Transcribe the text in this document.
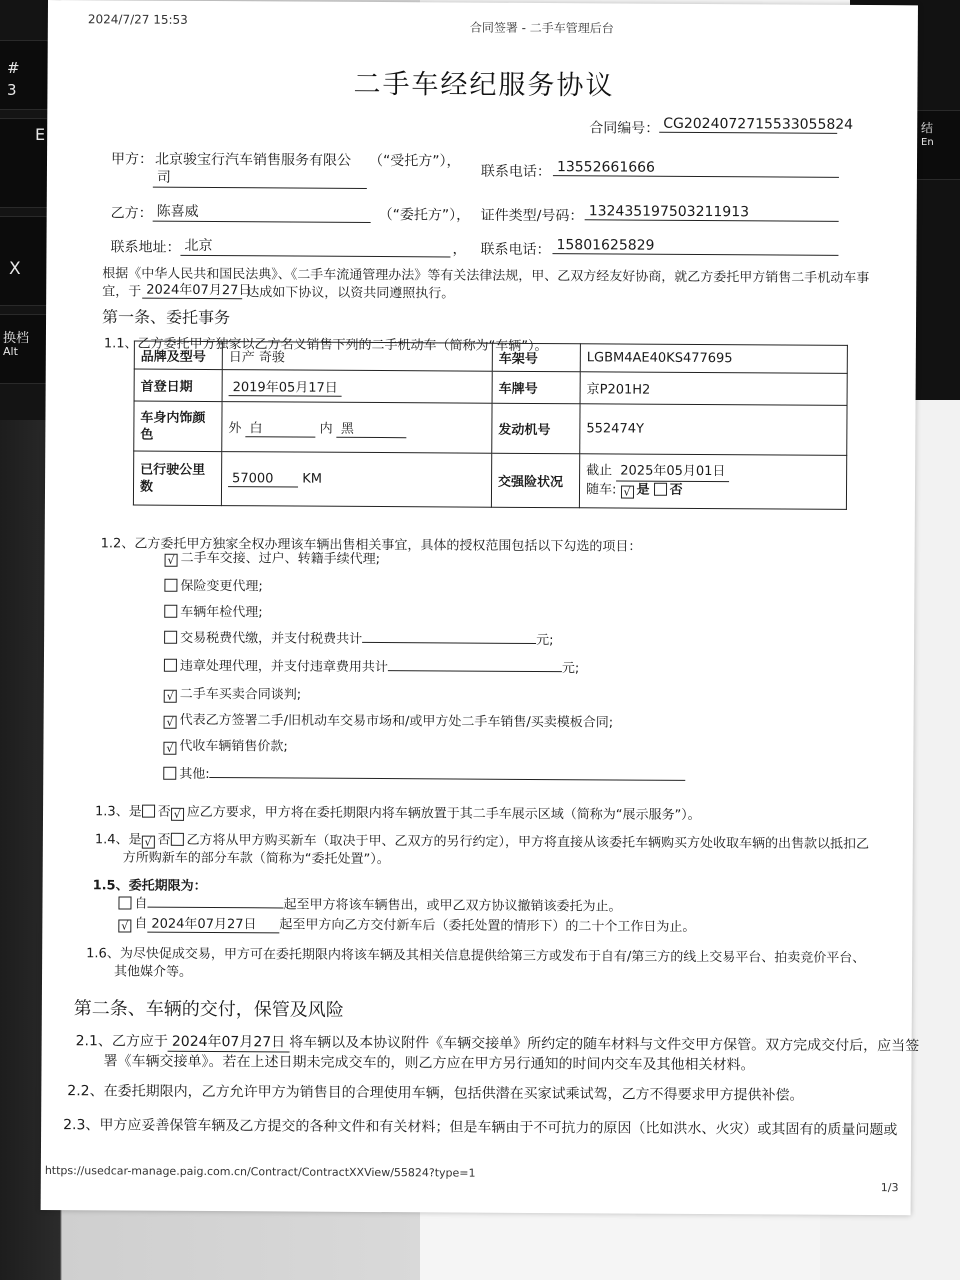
#
3
E
X
换档
Alt
结
En
2024/7/27 15:53
合同签署 - 二手车管理后台
二手车经纪服务协议
合同编号： CG2024072715533055824
甲方： 北京骏宝行汽车销售服务有限公
司
（“受托方”），
联系电话： 13552661666
乙方： 陈喜威	（“委托方”）， 证件类型/号码： 132435197503211913
联系地址： 北京	， 联系电话： 15801625829
根据《中华人民共和国民法典》、《二手车流通管理办法》等有关法律法规，甲、乙双方经友好协商，就乙方委托甲方销售二手机动车事
宜，于 2024年07月27日
达成如下协议，以资共同遵照执行。
第一条、委托事务
1.1、乙方委托甲方独家以乙方名义销售下列的二手机动车（简称为“车辆”）。
品牌及型号	日产 奇骏	车架号	LGBM4AE40KS477695
首登日期	2019年05月17日	车牌号	京P201H2
车身内饰颜
色	外 白 内 黑	发动机号	552474Y
已行驶公里
数	57000 KM	交强险状况	截止 2025年05月01日
随车: √ 是 否
1.2、乙方委托甲方独家全权办理该车辆出售相关事宜，具体的授权范围包括以下勾选的项目：
√ 二手车交接、过户、转籍手续代理;
保险变更代理;
车辆年检代理;
交易税费代缴，并支付税费共计	元;
违章处理代理，并支付违章费用共计	元;
√ 二手车买卖合同谈判;
√ 代表乙方签署二手/旧机动车交易市场和/或甲方处二手车销售/买卖模板合同;
√ 代收车辆销售价款;
其他:
1.3、是 否 √ 应乙方要求，甲方将在委托期限内将车辆放置于其二手车展示区域（简称为“展示服务”）。
1.4、是 √ 否 乙方将从甲方购买新车（取决于甲、乙双方的另行约定），甲方将直接从该委托车辆购买方处收取车辆的出售款以抵扣乙
方所购新车的部分车款（简称为“委托处置”）。
1.5、委托期限为：
自	起至甲方将该车辆售出，或甲乙双方协议撤销该委托为止。
√ 自 2024年07月27日 起至甲方向乙方交付新车后（委托处置的情形下）的二十个工作日为止。
1.6、为尽快促成交易，甲方可在委托期限内将该车辆及其相关信息提供给第三方或发布于自有/第三方的线上交易平台、拍卖竞价平台、
其他媒介等。
第二条、车辆的交付，保管及风险
2.1、乙方应于 2024年07月27日 将车辆以及本协议附件《车辆交接单》所约定的随车材料与文件交甲方保管。双方完成交付后，应当签
署《车辆交接单》。若在上述日期未完成交车的，则乙方应在甲方另行通知的时间内交车及其他相关材料。
2.2、在委托期限内，乙方允许甲方为销售目的合理使用车辆，包括供潜在买家试乘试驾，乙方不得要求甲方提供补偿。
2.3、甲方应妥善保管车辆及乙方提交的各种文件和有关材料；但是车辆由于不可抗力的原因（比如洪水、火灾）或其固有的质量问题或
https://usedcar-manage.paig.com.cn/Contract/ContractXXView/55824?type=1
1/3
